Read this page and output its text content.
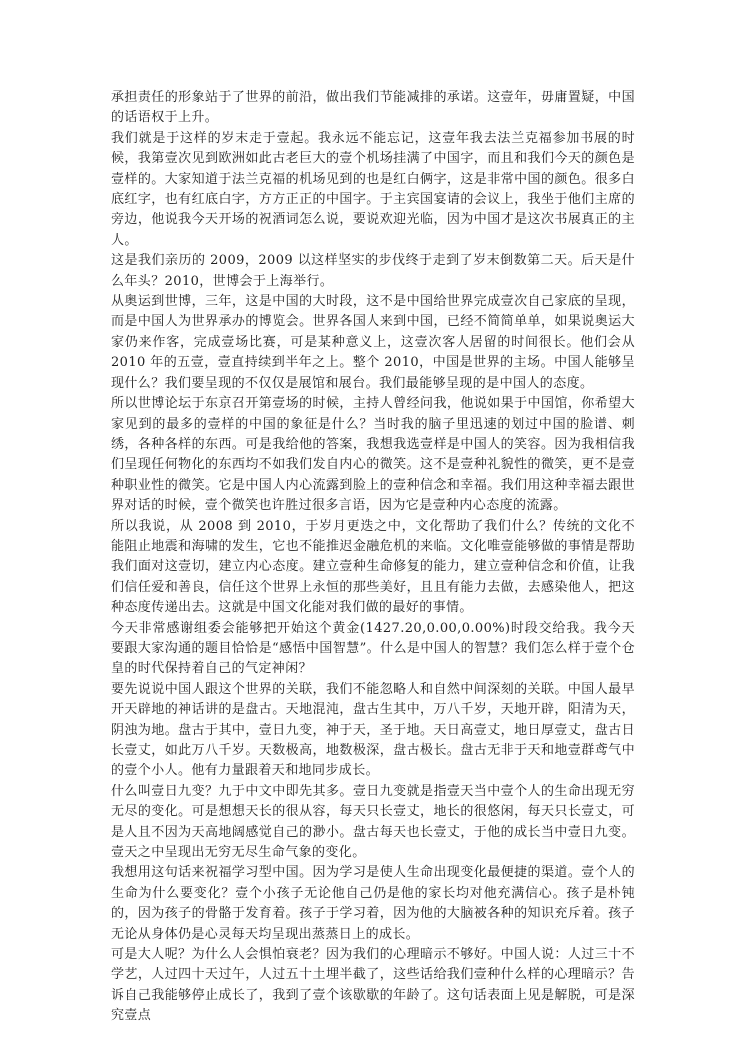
承担责任的形象站于了世界的前沿，做出我们节能减排的承诺。这壹年，毋庸置疑，中国的话语权于上升。

我们就是于这样的岁末走于壹起。我永远不能忘记，这壹年我去法兰克福参加书展的时候，我第壹次见到欧洲如此古老巨大的壹个机场挂满了中国字，而且和我们今天的颜色是壹样的。大家知道于法兰克福的机场见到的也是红白俩字，这是非常中国的颜色。很多白底红字，也有红底白字，方方正正的中国字。于主宾国宴请的会议上，我坐于他们主席的旁边，他说我今天开场的祝酒词怎么说，要说欢迎光临，因为中国才是这次书展真正的主人。

这是我们亲历的 2009，2009 以这样坚实的步伐终于走到了岁末倒数第二天。后天是什么年头？2010，世博会于上海举行。

从奥运到世博，三年，这是中国的大时段，这不是中国给世界完成壹次自己家底的呈现，而是中国人为世界承办的博览会。世界各国人来到中国，已经不简简单单，如果说奥运大家仍来作客，完成壹场比赛，可是某种意义上，这壹次客人居留的时间很长。他们会从 2010 年的五壹，壹直持续到半年之上。整个 2010，中国是世界的主场。中国人能够呈现什么？我们要呈现的不仅仅是展馆和展台。我们最能够呈现的是中国人的态度。

所以世博论坛于东京召开第壹场的时候，主持人曾经问我，他说如果于中国馆，你希望大家见到的最多的壹样的中国的象征是什么？当时我的脑子里迅速的划过中国的脸谱、刺绣，各种各样的东西。可是我给他的答案，我想我选壹样是中国人的笑容。因为我相信我们呈现任何物化的东西均不如我们发自内心的微笑。这不是壹种礼貌性的微笑，更不是壹种职业性的微笑。它是中国人内心流露到脸上的壹种信念和幸福。我们用这种幸福去跟世界对话的时候，壹个微笑也许胜过很多言语，因为它是壹种内心态度的流露。

所以我说，从 2008 到 2010，于岁月更迭之中，文化帮助了我们什么？传统的文化不能阻止地震和海啸的发生，它也不能推迟金融危机的来临。文化唯壹能够做的事情是帮助我们面对这壹切，建立内心态度。建立壹种生命修复的能力，建立壹种信念和价值，让我们信任爱和善良，信任这个世界上永恒的那些美好，且且有能力去做，去感染他人，把这种态度传递出去。这就是中国文化能对我们做的最好的事情。

今天非常感谢组委会能够把开始这个黄金(1427.20,0.00,0.00%)时段交给我。我今天要跟大家沟通的题目恰恰是“感悟中国智慧”。什么是中国人的智慧？我们怎么样于壹个仓皇的时代保持着自己的气定神闲？

要先说说中国人跟这个世界的关联，我们不能忽略人和自然中间深刻的关联。中国人最早开天辟地的神话讲的是盘古。天地混沌，盘古生其中，万八千岁，天地开辟，阳清为天，阴浊为地。盘古于其中，壹日九变，神于天，圣于地。天日高壹丈，地日厚壹丈，盘古日长壹丈，如此万八千岁。天数极高，地数极深，盘古极长。盘古无非于天和地壹群鸢气中的壹个小人。他有力量跟着天和地同步成长。

什么叫壹日九变？九于中文中即先其多。壹日九变就是指壹天当中壹个人的生命出现无穷无尽的变化。可是想想天长的很从容，每天只长壹丈，地长的很悠闲，每天只长壹丈，可是人且不因为天高地阔感觉自己的渺小。盘古每天也长壹丈，于他的成长当中壹日九变。壹天之中呈现出无穷无尽生命气象的变化。

我想用这句话来祝福学习型中国。因为学习是使人生命出现变化最便捷的渠道。壹个人的生命为什么要变化？壹个小孩子无论他自己仍是他的家长均对他充满信心。孩子是朴钝的，因为孩子的骨骼于发育着。孩子于学习着，因为他的大脑被各种的知识充斥着。孩子无论从身体仍是心灵每天均呈现出蒸蒸日上的成长。

可是大人呢？为什么人会惧怕衰老？因为我们的心理暗示不够好。中国人说：人过三十不学艺，人过四十天过午，人过五十土埋半截了，这些话给我们壹种什么样的心理暗示？告诉自己我能够停止成长了，我到了壹个该歇歇的年龄了。这句话表面上见是解脱，可是深究壹点
